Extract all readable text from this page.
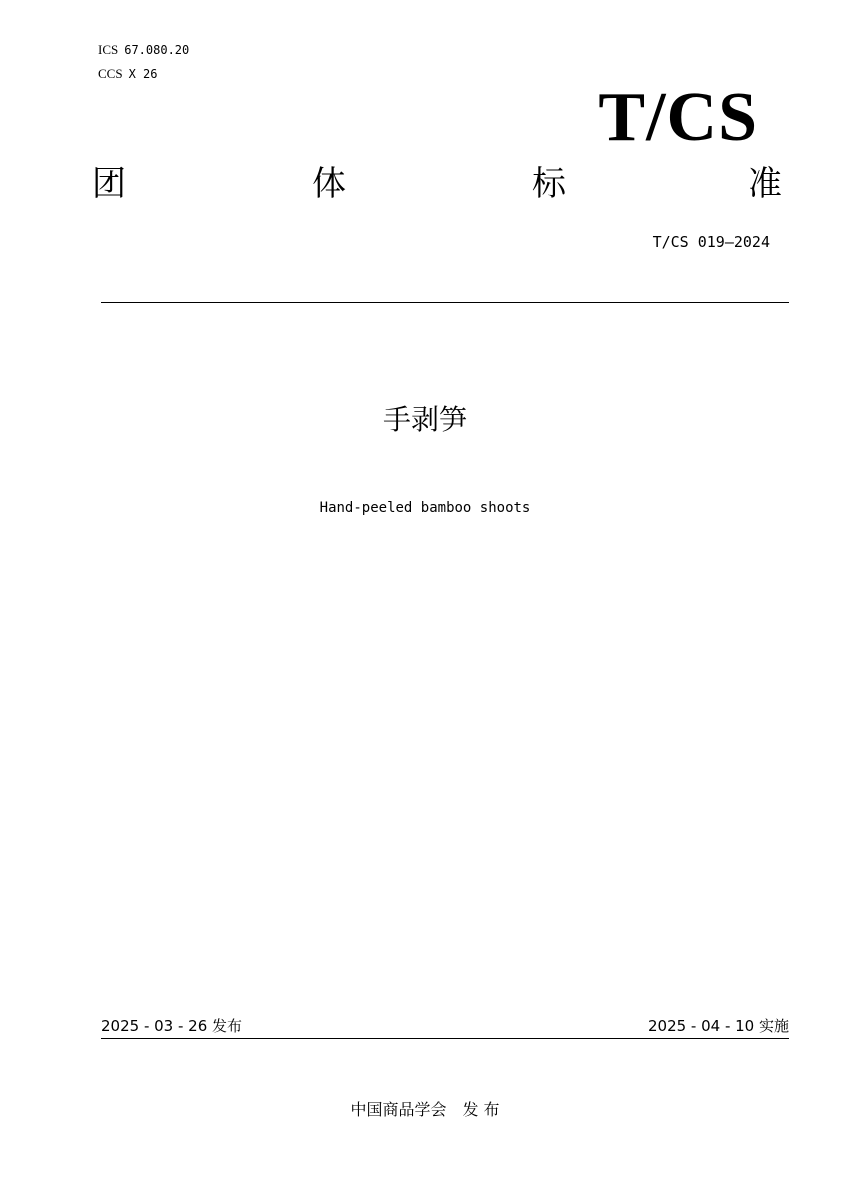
ICS 67.080.20
CCS X 26
T/CS
团	体	标	准
T/CS 019—2024
手剥笋
Hand-peeled bamboo shoots
2025 - 03 - 26 发布	2025 - 04 - 10 实施
中国商品学会　发 布
